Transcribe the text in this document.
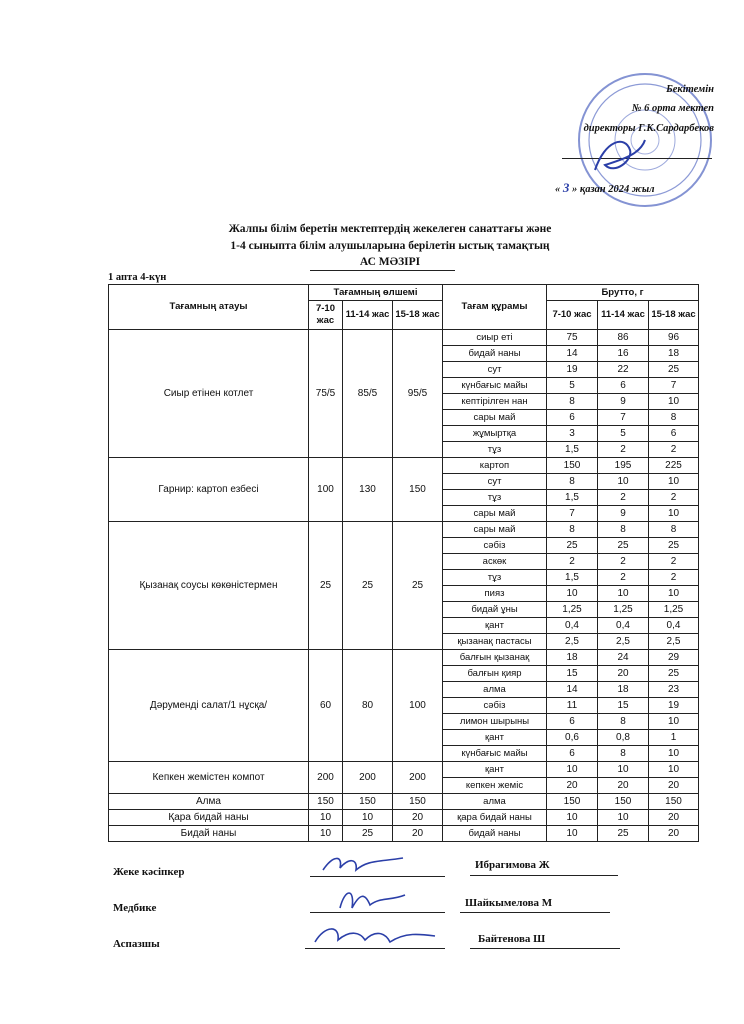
Бекітемін
№ 6 орта мектеп
директоры Г.К.Сардарбеков
« 3 » қазан 2024 жыл
Жалпы білім беретін мектептердің жекелеген санаттағы және
1-4 сыныпта білім алушыларына берілетін ыстық тамақтың
АС МӘЗІРІ
1 апта 4-күн
Тағамның атауы	Тағамның өлшемі			Тағам құрамы	Брутто, г		
	7-10 жас	11-14 жас	15-18 жас		7-10 жас	11-14 жас	15-18 жас
Сиыр етінен котлет	75/5	85/5	95/5	сиыр еті	75	86	96
				бидай наны	14	16	18
				сут	19	22	25
				күнбағыс майы	5	6	7
				кептірілген нан	8	9	10
				сары май	6	7	8
				жұмыртқа	3	5	6
				тұз	1,5	2	2
Гарнир: картоп езбесі	100	130	150	картоп	150	195	225
				сут	8	10	10
				тұз	1,5	2	2
				сары май	7	9	10
Қызанақ соусы көкөністермен	25	25	25	сары май	8	8	8
				сәбіз	25	25	25
				аскөк	2	2	2
				тұз	1,5	2	2
				пияз	10	10	10
				бидай ұны	1,25	1,25	1,25
				қант	0,4	0,4	0,4
				қызанақ пастасы	2,5	2,5	2,5
Дәрумендi салат/1 нұсқа/	60	80	100	балғын қызанақ	18	24	29
				балғын қияр	15	20	25
				алма	14	18	23
				сәбіз	11	15	19
				лимон шырыны	6	8	10
				қант	0,6	0,8	1
				күнбағыс майы	6	8	10
Кепкен жемістен компот	200	200	200	қант	10	10	10
				кепкен жеміс	20	20	20
Алма	150	150	150	алма	150	150	150
Қара бидай наны	10	10	20	қара бидай наны	10	10	20
Бидай наны	10	25	20	бидай наны	10	25	20
Жеке кәсіпкер
Ибрагимова Ж
Медбике	Шайкымелова М
Аспазшы	Байтенова Ш
